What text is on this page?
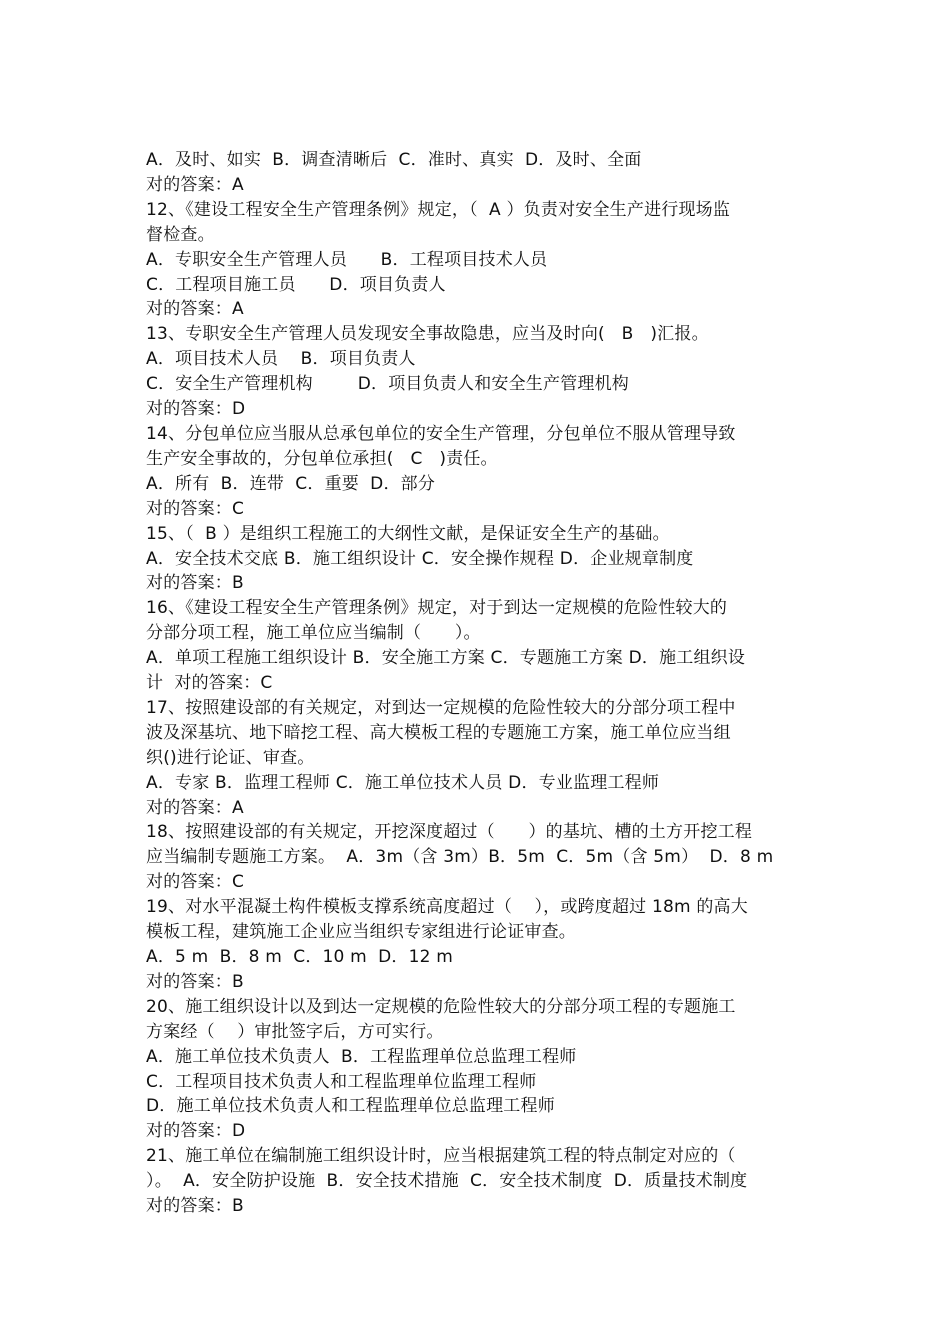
A．及时、如实  B．调查清晰后  C．准时、真实  D．及时、全面
对的答案：A
12、《建设工程安全生产管理条例》规定，（  A ）负责对安全生产进行现场监
督检查。
A．专职安全生产管理人员      B．工程项目技术人员
C．工程项目施工员      D．项目负责人
对的答案：A
13、专职安全生产管理人员发现安全事故隐患，应当及时向(   B   )汇报。
A．项目技术人员    B．项目负责人
C．安全生产管理机构        D．项目负责人和安全生产管理机构
对的答案：D
14、分包单位应当服从总承包单位的安全生产管理，分包单位不服从管理导致
生产安全事故的，分包单位承担(   C   )责任。
A．所有  B．连带  C．重要  D．部分
对的答案：C
15、（  B ）是组织工程施工的大纲性文献，是保证安全生产的基础。
A．安全技术交底 B．施工组织设计 C．安全操作规程 D．企业规章制度
对的答案：B
16、《建设工程安全生产管理条例》规定，对于到达一定规模的危险性较大的
分部分项工程，施工单位应当编制（      ）。
A．单项工程施工组织设计 B．安全施工方案 C．专题施工方案 D．施工组织设
计  对的答案：C
17、按照建设部的有关规定，对到达一定规模的危险性较大的分部分项工程中
波及深基坑、地下暗挖工程、高大模板工程的专题施工方案，施工单位应当组
织()进行论证、审查。
A．专家 B．监理工程师 C．施工单位技术人员 D．专业监理工程师
对的答案：A
18、按照建设部的有关规定，开挖深度超过（      ）的基坑、槽的土方开挖工程
应当编制专题施工方案。  A．3m（含 3m）B．5m  C．5m（含 5m）  D．8 m
对的答案：C
19、对水平混凝土构件模板支撑系统高度超过（    ），或跨度超过 18m 的高大
模板工程，建筑施工企业应当组织专家组进行论证审查。
A．5 m  B．8 m  C．10 m  D．12 m
对的答案：B
20、施工组织设计以及到达一定规模的危险性较大的分部分项工程的专题施工
方案经（    ）审批签字后，方可实行。
A．施工单位技术负责人  B．工程监理单位总监理工程师
C．工程项目技术负责人和工程监理单位监理工程师
D．施工单位技术负责人和工程监理单位总监理工程师
对的答案：D
21、施工单位在编制施工组织设计时，应当根据建筑工程的特点制定对应的（
）。  A．安全防护设施  B．安全技术措施  C．安全技术制度  D．质量技术制度
对的答案：B
